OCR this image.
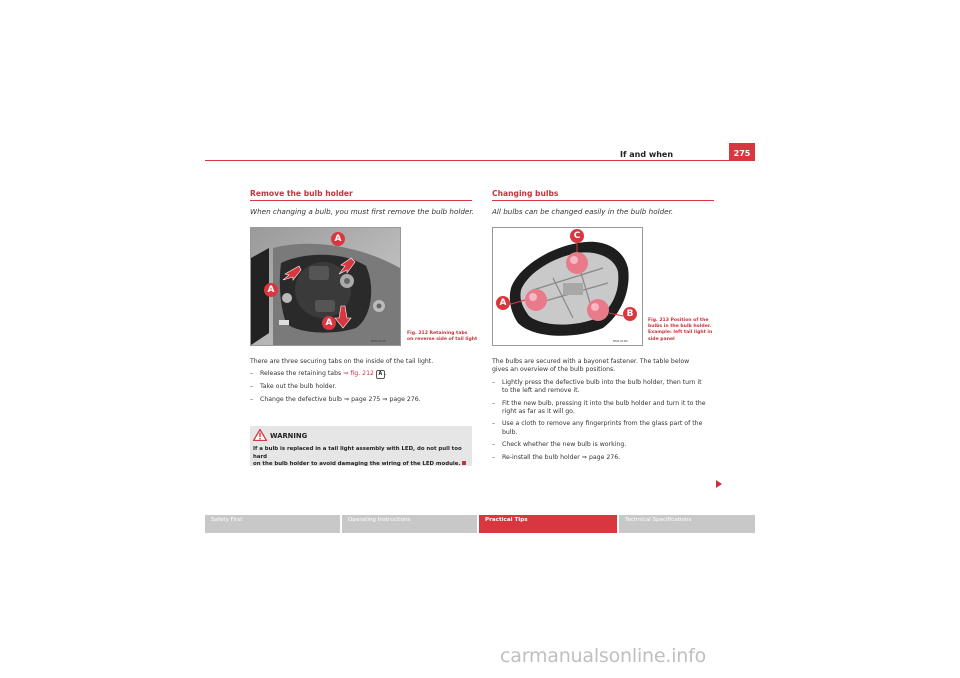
If and when	275
Remove the bulb holder
When changing a bulb, you must first remove the bulb holder.
B5R-0185
A
A
A
Fig. 212 Retaining tabs
on reverse side of tail light
There are three securing tabs on the inside of the tail light.
–	Release the retaining tabs ⇒ fig. 212 A .
–	Take out the bulb holder.
–	Change the defective bulb ⇒ page 275 ⇒ page 276.
WARNING
If a bulb is replaced in a tail light assembly with LED, do not pull too hard
on the bulb holder to avoid damaging the wiring of the LED module.
Changing bulbs
All bulbs can be changed easily in the bulb holder.
B5R-0182
C
A
B
Fig. 213 Position of the
bulbs in the bulb holder.
Example: left tail light in
side panel
The bulbs are secured with a bayonet fastener. The table below
gives an overview of the bulb positions.
–	Lightly press the defective bulb into the bulb holder, then turn it
to the left and remove it.
–	Fit the new bulb, pressing it into the bulb holder and turn it to the
right as far as it will go.
–	Use a cloth to remove any fingerprints from the glass part of the
bulb.
–	Check whether the new bulb is working.
–	Re-install the bulb holder ⇒ page 276.
Safety First	Operating Instructions	Practical Tips	Technical Specifications
carmanualsonline.info
